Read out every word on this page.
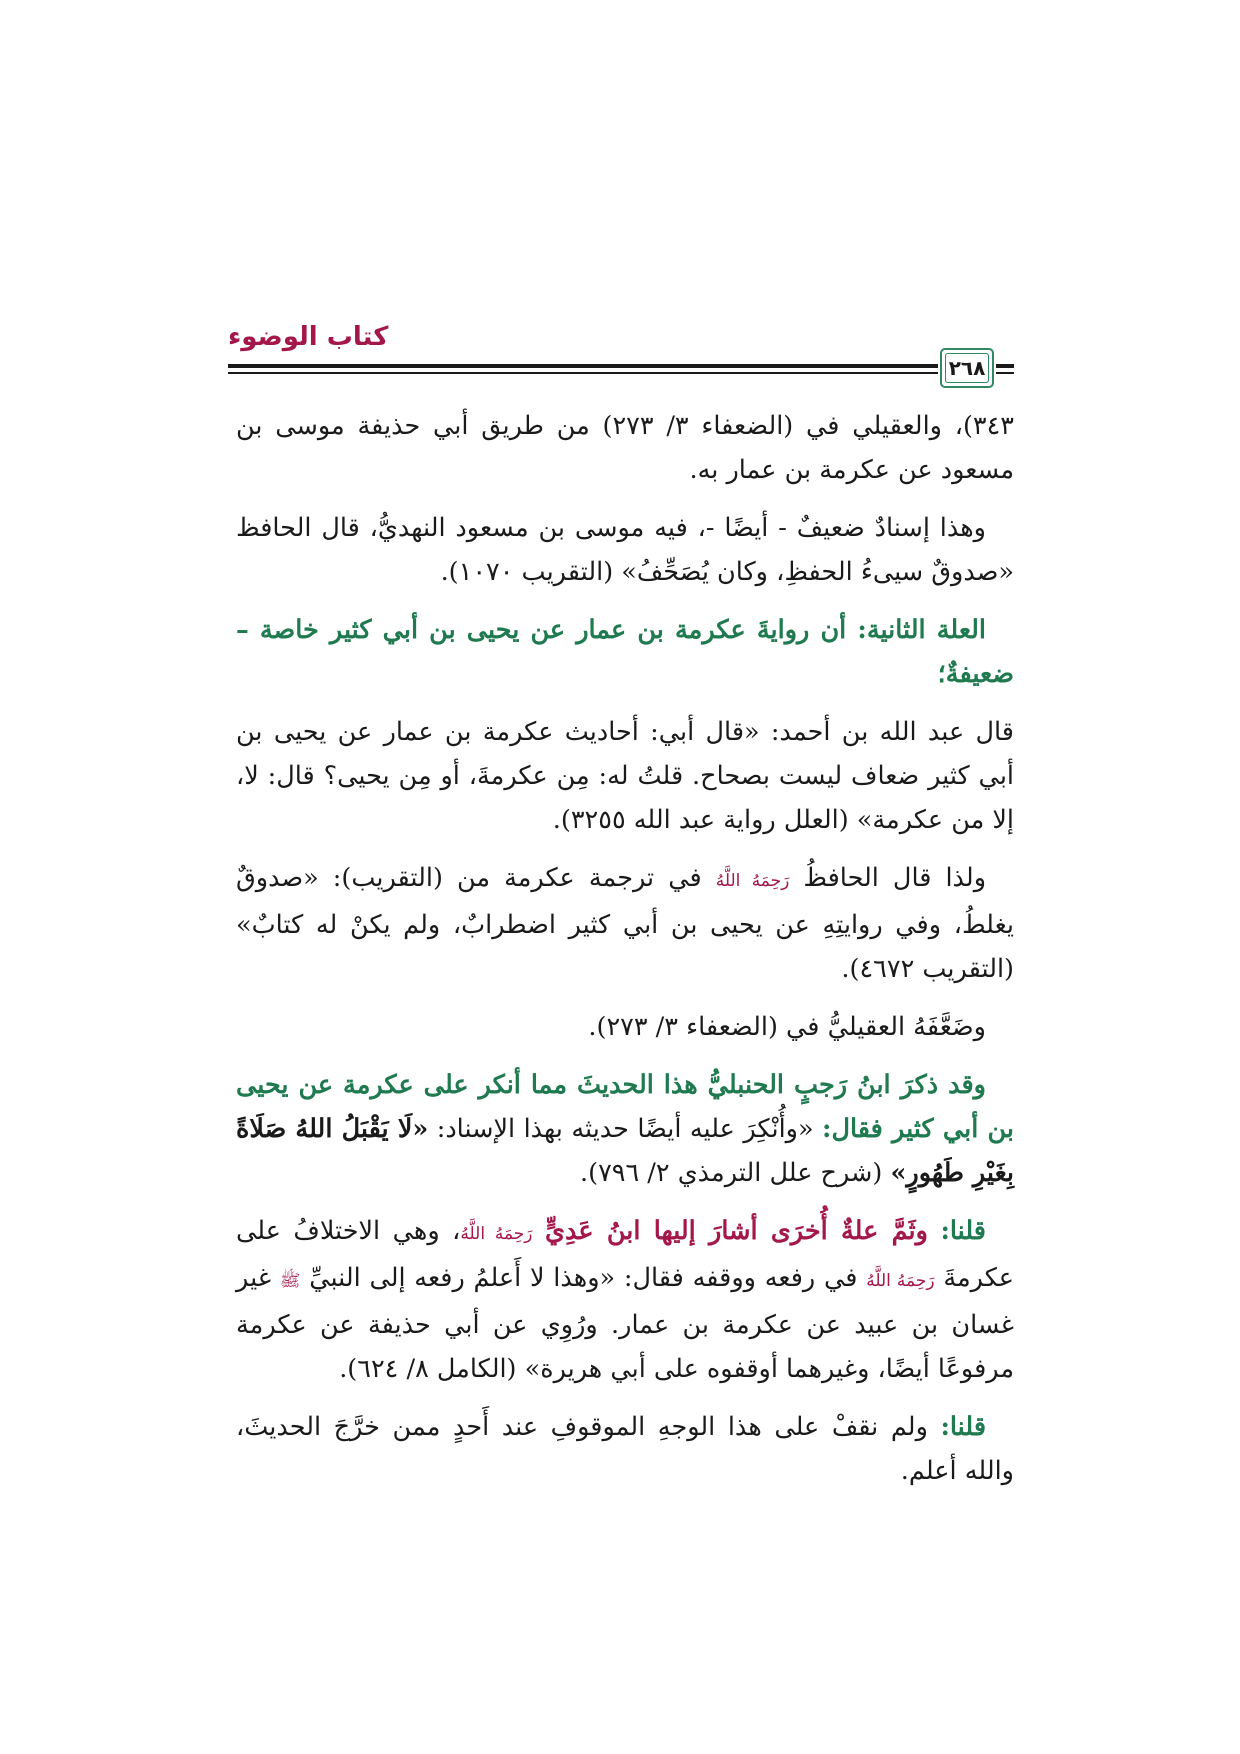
كتاب الوضوء
٢٦٨

٣٤٣)، والعقيلي في (الضعفاء ٣/ ٢٧٣) من طريق أبي حذيفة موسى بن مسعود عن عكرمة بن عمار به.

وهذا إسنادٌ ضعيفٌ - أيضًا -، فيه موسى بن مسعود النهديُّ، قال الحافظ «صدوقٌ سيىءُ الحفظِ، وكان يُصَحِّفُ» (التقريب ١٠٧٠).

العلة الثانية: أن روايةَ عكرمة بن عمار عن يحيى بن أبي كثير خاصة – ضعيفةٌ؛

قال عبد الله بن أحمد: «قال أبي: أحاديث عكرمة بن عمار عن يحيى بن أبي كثير ضعاف ليست بصحاح. قلتُ له: مِن عكرمةَ، أو مِن يحيى؟ قال: لا، إلا من عكرمة» (العلل رواية عبد الله ٣٢٥٥).

ولذا قال الحافظُ رَحِمَهُ اللَّهُ في ترجمة عكرمة من (التقريب): «صدوقٌ يغلطُ، وفي روايتِهِ عن يحيى بن أبي كثير اضطرابٌ، ولم يكنْ له كتابٌ» (التقريب ٤٦٧٢).

وضَعَّفَهُ العقيليُّ في (الضعفاء ٣/ ٢٧٣).

وقد ذكرَ ابنُ رَجبٍ الحنبليُّ هذا الحديثَ مما أنكر على عكرمة عن يحيى بن أبي كثير فقال: «وأُنْكِرَ عليه أيضًا حديثه بهذا الإسناد: «لَا يَقْبَلُ اللهُ صَلَاةً بِغَيْرِ طَهُورٍ» (شرح علل الترمذي ٢/ ٧٩٦).

قلنا: وثَمَّ علةٌ أُخرَى أشارَ إليها ابنُ عَدِيٍّ رَحِمَهُ اللَّهُ، وهي الاختلافُ على عكرمةَ رَحِمَهُ اللَّهُ في رفعه ووقفه فقال: «وهذا لا أَعلمُ رفعه إلى النبيِّ ﷺ غير غسان بن عبيد عن عكرمة بن عمار. ورُوِي عن أبي حذيفة عن عكرمة مرفوعًا أيضًا، وغيرهما أوقفوه على أبي هريرة» (الكامل ٨/ ٦٢٤).

قلنا: ولم نقفْ على هذا الوجهِ الموقوفِ عند أَحدٍ ممن خرَّجَ الحديثَ، والله أعلم.
